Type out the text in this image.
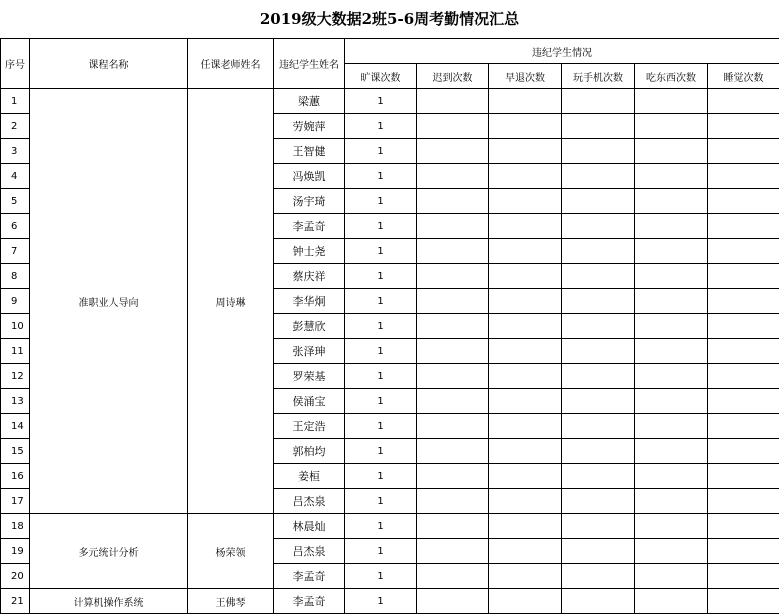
2019级大数据2班5-6周考勤情况汇总
序号	课程名称	任课老师姓名	违纪学生姓名	违纪学生情况					
				旷课次数	迟到次数	早退次数	玩手机次数	吃东西次数	睡觉次数
1	准职业人导向	周诗琳	梁蕙	1					
2			劳婉萍	1					
3			王智健	1					
4			冯焕凯	1					
5			汤宇琦	1					
6			李孟奇	1					
7			钟士尧	1					
8			蔡庆祥	1					
9			李华炯	1					
10			彭慧欣	1					
11			张泽珅	1					
12			罗荣基	1					
13			侯涌宝	1					
14			王定浩	1					
15			郭柏均	1					
16			姜桓	1					
17			吕杰泉	1					
18	多元统计分析	杨荣领	林晨灿	1					
19			吕杰泉	1					
20			李孟奇	1					
21	计算机操作系统	王佛琴	李孟奇	1					
